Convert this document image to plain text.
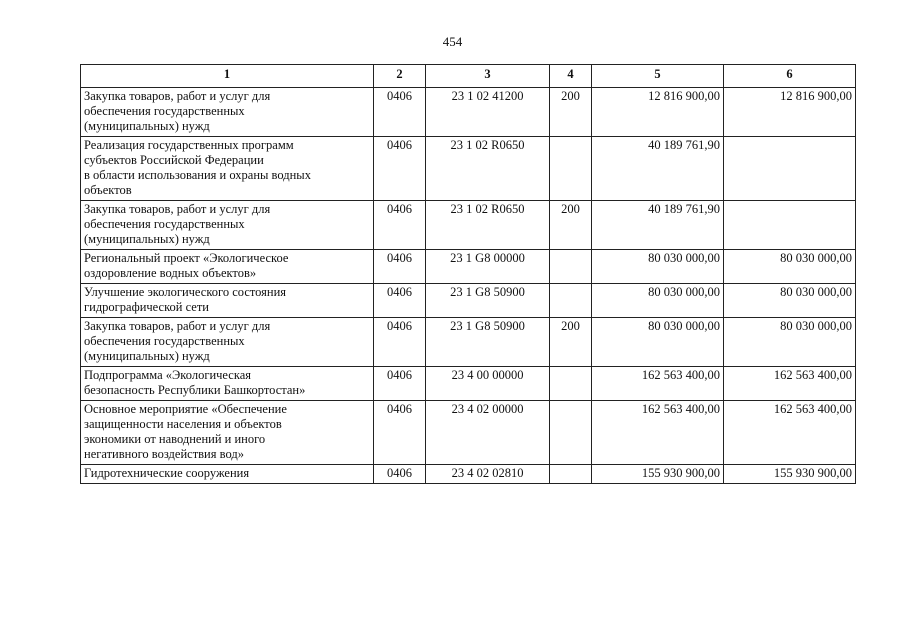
454
1	2	3	4	5	6

Закупка товаров, работ и услуг для
обеспечения государственных
(муниципальных) нужд	0406	23 1 02 41200	200	12 816 900,00	12 816 900,00

Реализация государственных программ
субъектов Российской Федерации
в области использования и охраны водных
объектов	0406	23 1 02 R0650		40 189 761,90	

Закупка товаров, работ и услуг для
обеспечения государственных
(муниципальных) нужд	0406	23 1 02 R0650	200	40 189 761,90	

Региональный проект «Экологическое
оздоровление водных объектов»	0406	23 1 G8 00000		80 030 000,00	80 030 000,00

Улучшение экологического состояния
гидрографической сети	0406	23 1 G8 50900		80 030 000,00	80 030 000,00

Закупка товаров, работ и услуг для
обеспечения государственных
(муниципальных) нужд	0406	23 1 G8 50900	200	80 030 000,00	80 030 000,00

Подпрограмма «Экологическая
безопасность Республики Башкортостан»	0406	23 4 00 00000		162 563 400,00	162 563 400,00

Основное мероприятие «Обеспечение
защищенности населения и объектов
экономики от наводнений и иного
негативного воздействия вод»	0406	23 4 02 00000		162 563 400,00	162 563 400,00

Гидротехнические сооружения	0406	23 4 02 02810		155 930 900,00	155 930 900,00
